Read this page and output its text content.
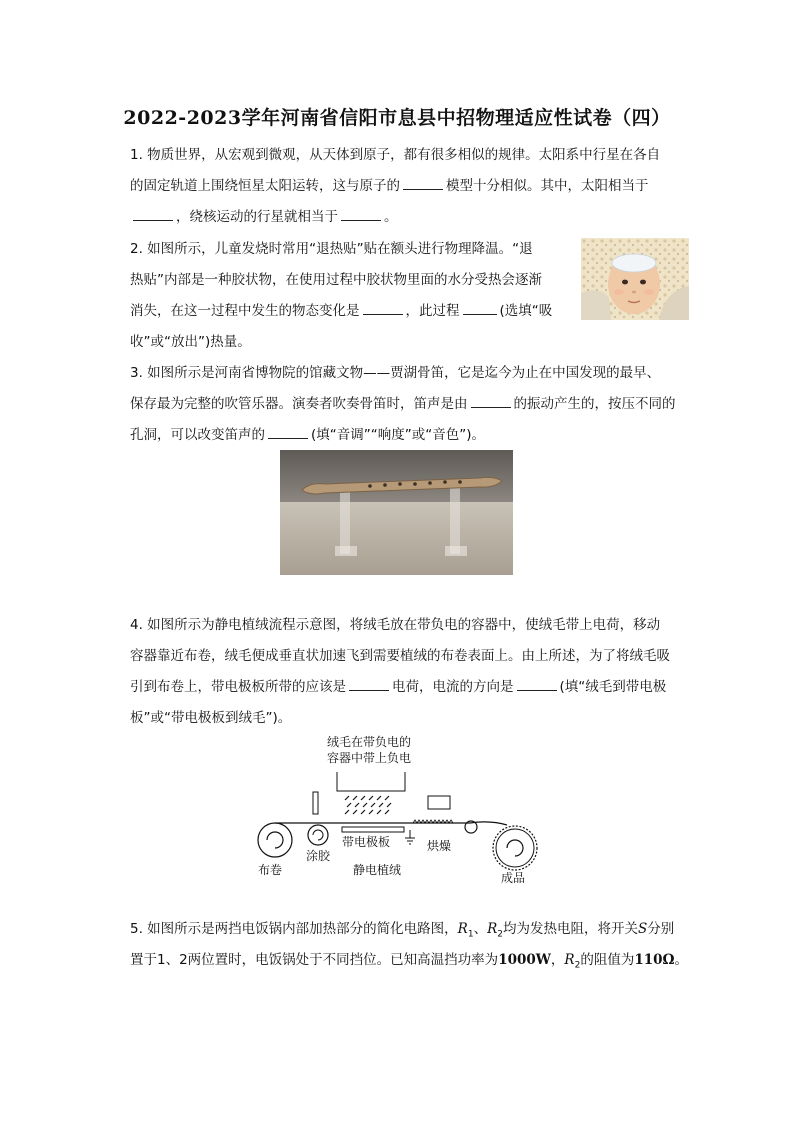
2022-2023学年河南省信阳市息县中招物理适应性试卷（四）
1. 物质世界，从宏观到微观，从天体到原子，都有很多相似的规律。太阳系中行星在各自
的固定轨道上围绕恒星太阳运转，这与原子的	模型十分相似。其中，太阳相当于
，绕核运动的行星就相当于	。
2. 如图所示，儿童发烧时常用“退热贴”贴在额头进行物理降温。“退
热贴”内部是一种胶状物，在使用过程中胶状物里面的水分受热会逐渐
消失，在这一过程中发生的物态变化是	，此过程	(选填“吸
收”或“放出”)热量。
3. 如图所示是河南省博物院的馆藏文物——贾湖骨笛，它是迄今为止在中国发现的最早、
保存最为完整的吹管乐器。演奏者吹奏骨笛时，笛声是由	的振动产生的，按压不同的
孔洞，可以改变笛声的	(填“音调”“响度”或“音色”)。
4. 如图所示为静电植绒流程示意图，将绒毛放在带负电的容器中，使绒毛带上电荷，移动
容器靠近布卷，绒毛便成垂直状加速飞到需要植绒的布卷表面上。由上所述，为了将绒毛吸
引到布卷上，带电极板所带的应该是	电荷，电流的方向是	(填“绒毛到带电极
板”或“带电极板到绒毛”)。
绒毛在带负电的
容器中带上负电
带电极板	烘燥
布卷
涂胶
静电植绒
成品
5. 如图所示是两挡电饭锅内部加热部分的简化电路图，$R_1$、$R_2$均为发热电阻，将开关S分别
置于1、2两位置时，电饭锅处于不同挡位。已知高温挡功率为1000W，$R_2$的阻值为110Ω。
